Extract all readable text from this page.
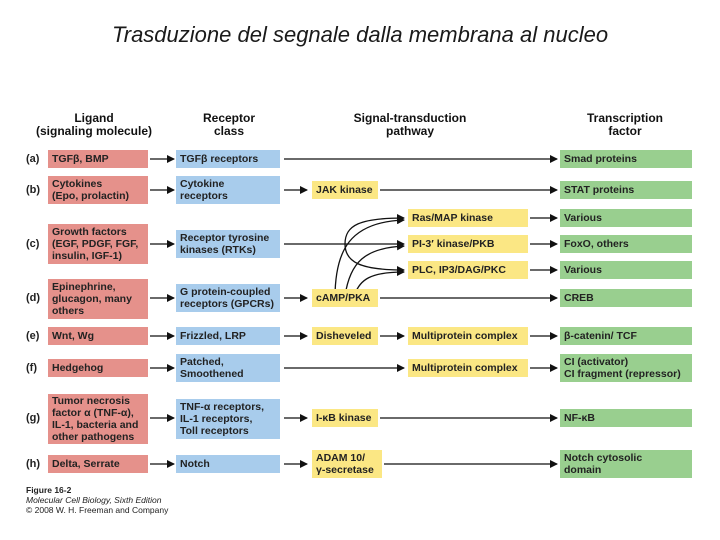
Trasduzione del segnale dalla membrana al nucleo
Ligand
(signaling molecule)
Receptor
class
Signal-transduction
pathway
Transcription
factor
(a)
(b)
(c)
(d)
(e)
(f)
(g)
(h)
TGFβ, BMP
Cytokines
(Epo, prolactin)
Growth factors
(EGF, PDGF, FGF,
insulin, IGF-1)
Epinephrine,
glucagon, many
others
Wnt, Wg
Hedgehog
Tumor necrosis
factor α (TNF-α),
IL-1, bacteria and
other pathogens
Delta, Serrate
TGFβ receptors
Cytokine
receptors
Receptor tyrosine
kinases (RTKs)
G protein-coupled
receptors (GPCRs)
Frizzled, LRP
Patched,
Smoothened
TNF-α receptors,
IL-1 receptors,
Toll receptors
Notch
JAK kinase
cAMP/PKA
Disheveled
I-κB kinase
ADAM 10/
γ-secretase
Ras/MAP kinase
PI-3′ kinase/PKB
PLC, IP3/DAG/PKC
Multiprotein complex
Multiprotein complex
Smad proteins
STAT proteins
Various
FoxO, others
Various
CREB
β-catenin/ TCF
CI (activator)
CI fragment (repressor)
NF-κB
Notch cytosolic
domain
Figure 16-2
Molecular Cell Biology, Sixth Edition
© 2008 W. H. Freeman and Company
